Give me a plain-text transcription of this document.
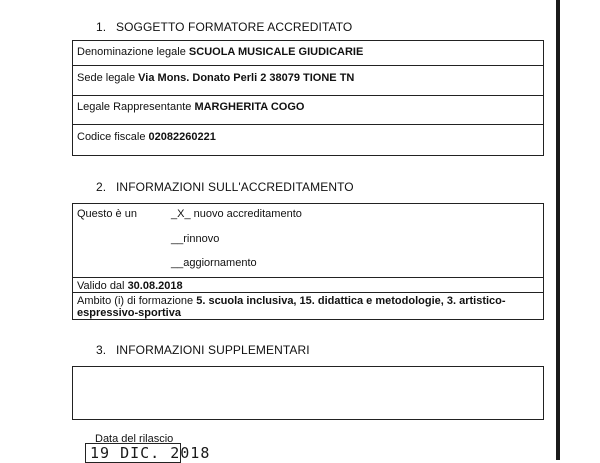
1. SOGGETTO FORMATORE ACCREDITATO
Denominazione legale SCUOLA MUSICALE GIUDICARIE
Sede legale Via Mons. Donato Perli 2 38079 TIONE TN
Legale Rappresentante MARGHERITA COGO
Codice fiscale 02082260221
2. INFORMAZIONI SULL'ACCREDITAMENTO
Questo è un	_X_ nuovo accreditamento
__rinnovo
__aggiornamento
Valido dal 30.08.2018
Ambito (i) di formazione 5. scuola inclusiva, 15. didattica e metodologie, 3. artistico-
espressivo-sportiva
3. INFORMAZIONI SUPPLEMENTARI
Data del rilascio
19 DIC. 2018
